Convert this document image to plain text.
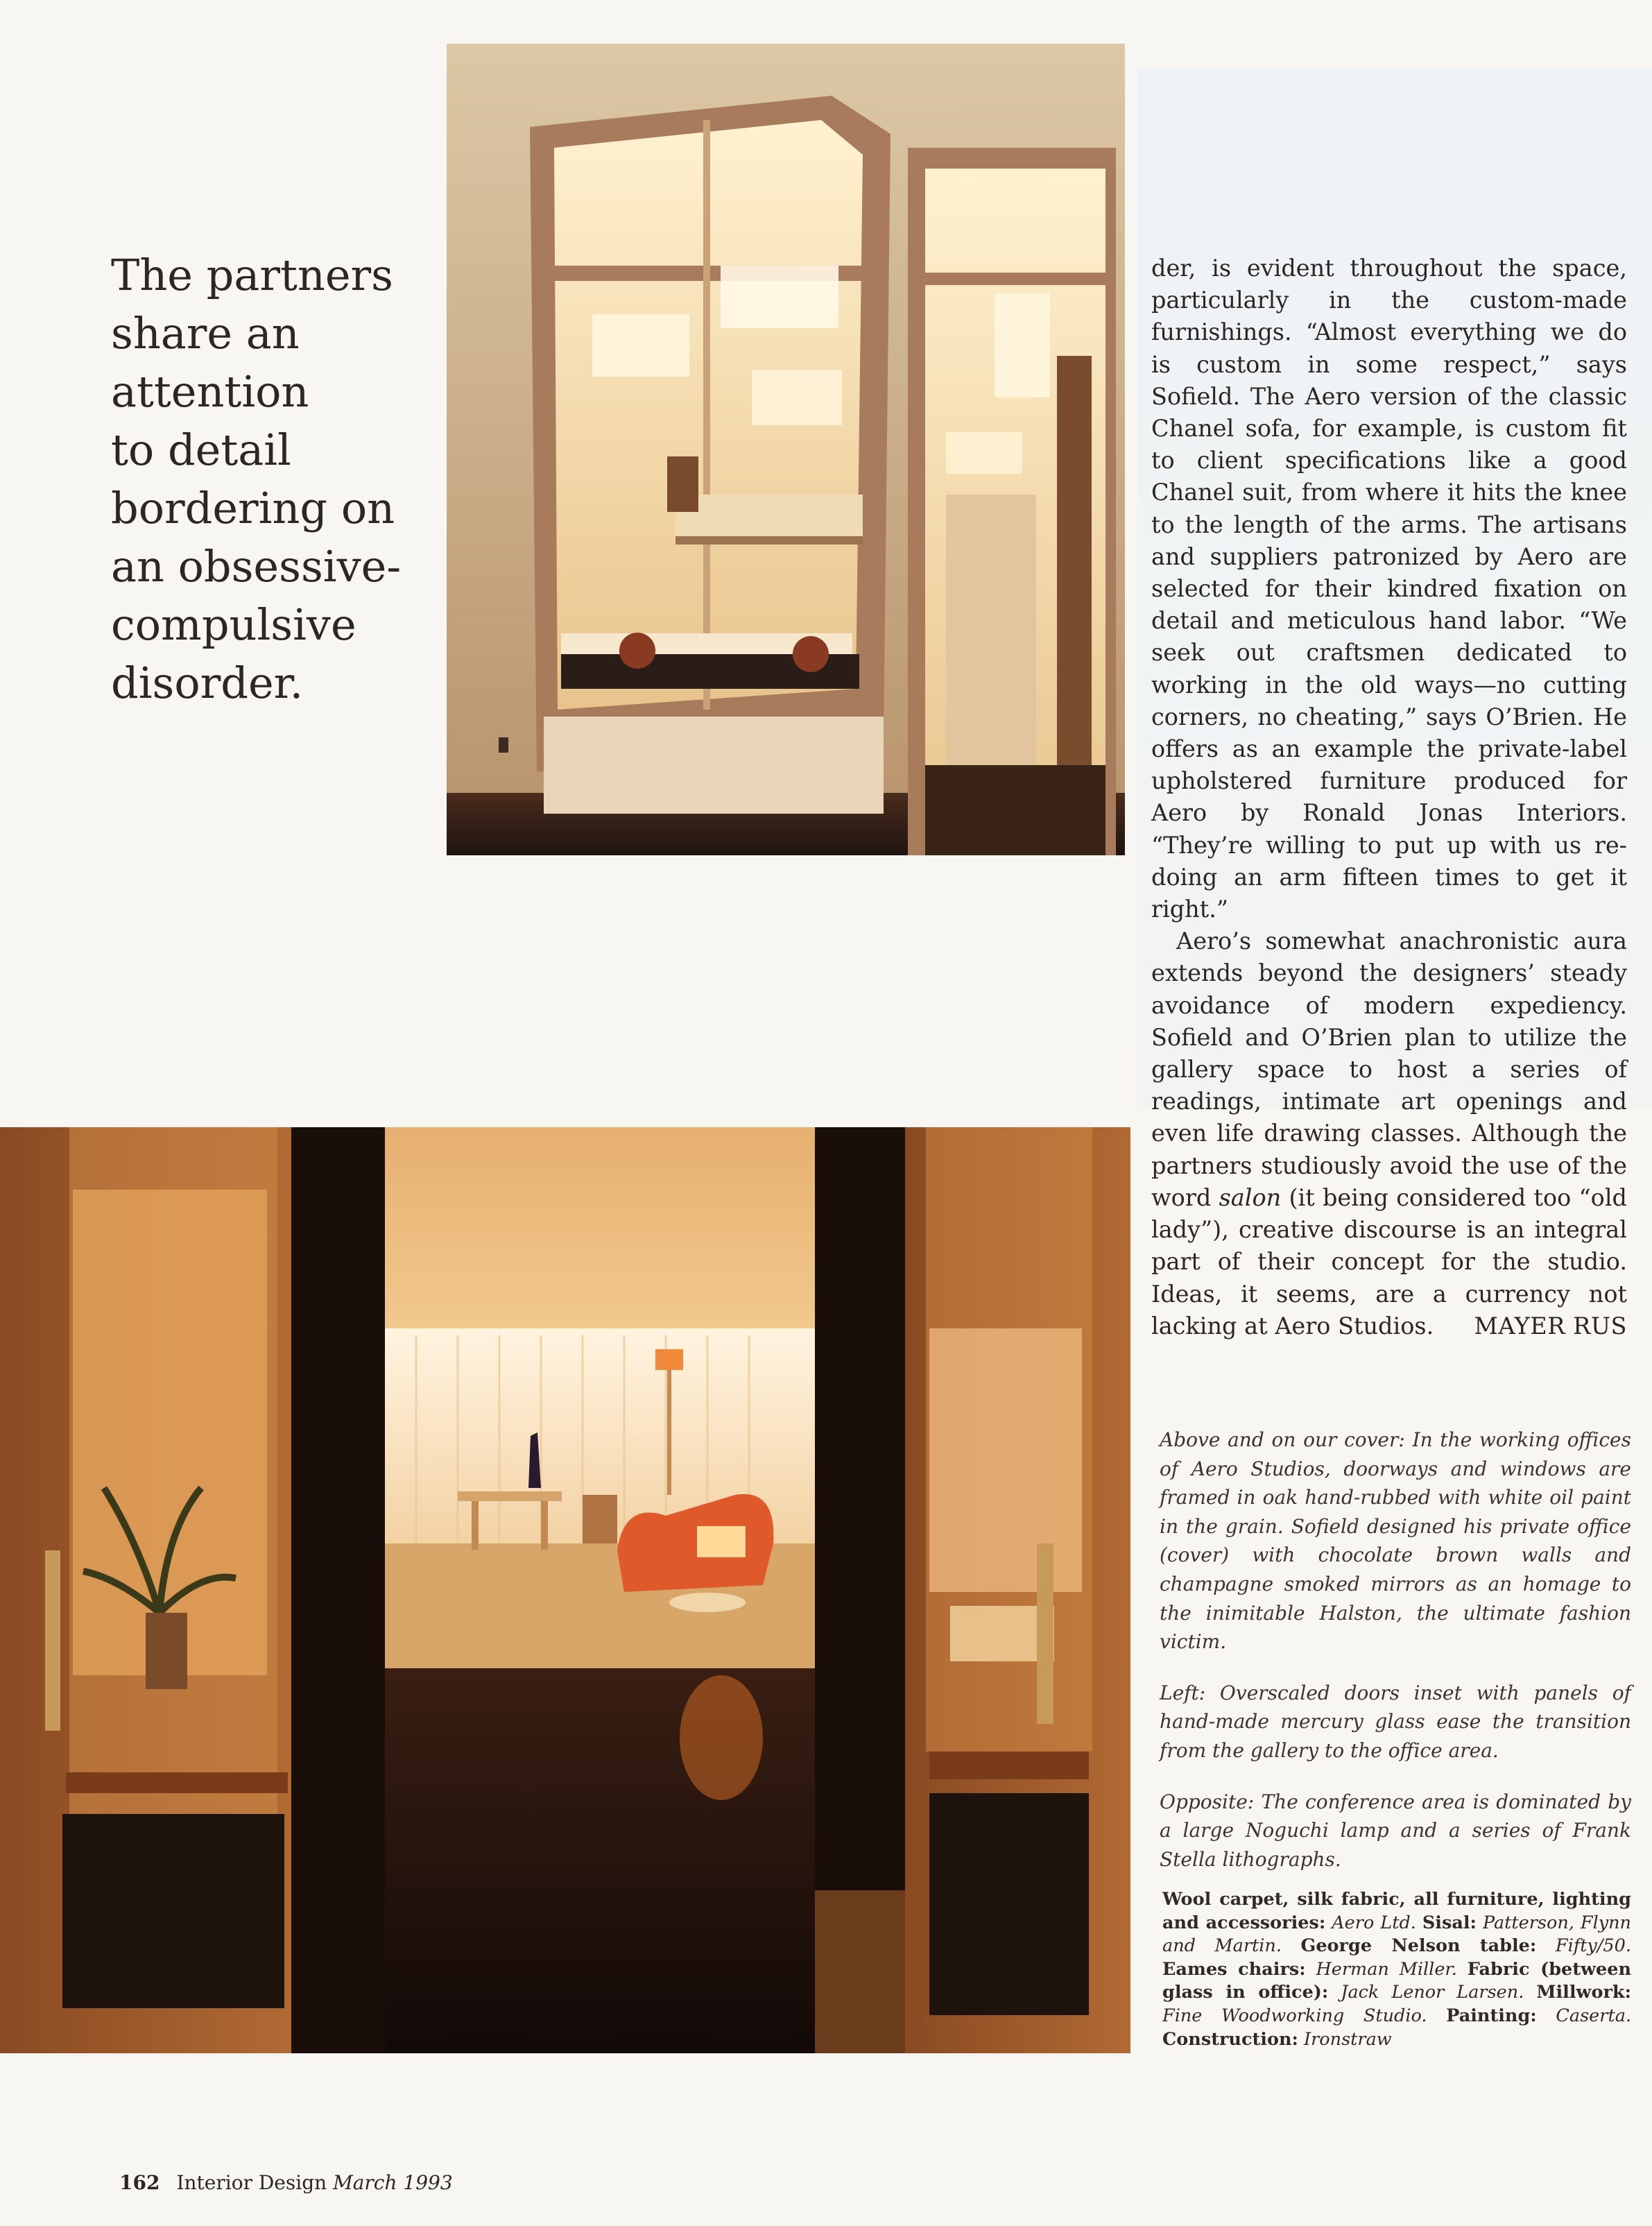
The partners
share an
attention
to detail
bordering on
an obsessive-
compulsive
disorder.

der, is evident throughout the space, particularly in the custom-made furnishings. “Almost everything we do is custom in some respect,” says Sofield. The Aero version of the classic Chanel sofa, for example, is custom fit to client specifications like a good Chanel suit, from where it hits the knee to the length of the arms. The artisans and suppliers patronized by Aero are selected for their kindred fixation on detail and meticulous hand labor. “We seek out craftsmen dedicated to working in the old ways—no cutting corners, no cheating,” says O’Brien. He offers as an example the private-label upholstered furniture produced for Aero by Ronald Jonas Interiors. “They’re willing to put up with us re-doing an arm fifteen times to get it right.”

Aero’s somewhat anachronistic aura extends beyond the designers’ steady avoidance of modern expediency. Sofield and O’Brien plan to utilize the gallery space to host a series of readings, intimate art openings and even life drawing classes. Although the partners studiously avoid the use of the word salon (it being considered too “old lady”), creative discourse is an integral part of their concept for the studio. Ideas, it seems, are a currency not lacking at Aero Studios. MAYER RUS

Above and on our cover: In the working offices of Aero Studios, doorways and windows are framed in oak hand-rubbed with white oil paint in the grain. Sofield designed his private office (cover) with chocolate brown walls and champagne smoked mirrors as an homage to the inimitable Halston, the ultimate fashion victim.

Left: Overscaled doors inset with panels of hand-made mercury glass ease the transition from the gallery to the office area.

Opposite: The conference area is dominated by a large Noguchi lamp and a series of Frank Stella lithographs.

Wool carpet, silk fabric, all furniture, lighting and accessories: Aero Ltd. Sisal: Patterson, Flynn and Martin. George Nelson table: Fifty/50. Eames chairs: Herman Miller. Fabric (between glass in office): Jack Lenor Larsen. Millwork: Fine Woodworking Studio. Painting: Caserta. Construction: Ironstraw
162 Interior Design March 1993
